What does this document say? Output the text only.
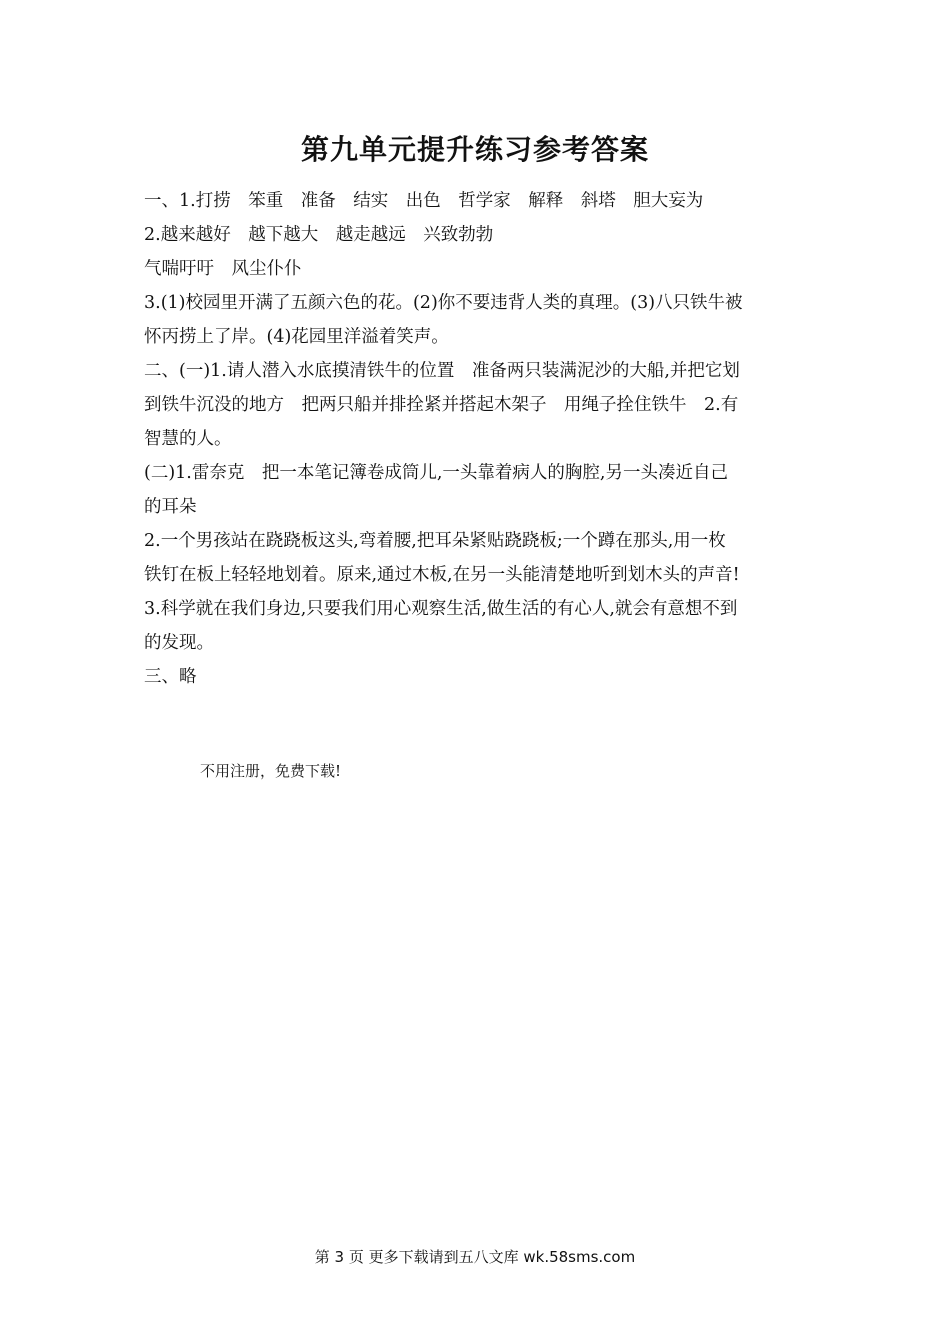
第九单元提升练习参考答案
一、1.打捞　笨重　准备　结实　出色　哲学家　解释　斜塔　胆大妄为
2.越来越好　越下越大　越走越远　兴致勃勃
气喘吁吁　风尘仆仆
3.(1)校园里开满了五颜六色的花。(2)你不要违背人类的真理。(3)八只铁牛被
怀丙捞上了岸。(4)花园里洋溢着笑声。
二、(一)1.请人潜入水底摸清铁牛的位置　准备两只装满泥沙的大船,并把它划
到铁牛沉没的地方　把两只船并排拴紧并搭起木架子　用绳子拴住铁牛　2.有
智慧的人。
(二)1.雷奈克　把一本笔记簿卷成筒儿,一头靠着病人的胸腔,另一头凑近自己
的耳朵
2.一个男孩站在跷跷板这头,弯着腰,把耳朵紧贴跷跷板;一个蹲在那头,用一枚
铁钉在板上轻轻地划着。原来,通过木板,在另一头能清楚地听到划木头的声音!
3.科学就在我们身边,只要我们用心观察生活,做生活的有心人,就会有意想不到
的发现。
三、略
不用注册，免费下载!
第 3 页 更多下载请到五八文库 wk.58sms.com
